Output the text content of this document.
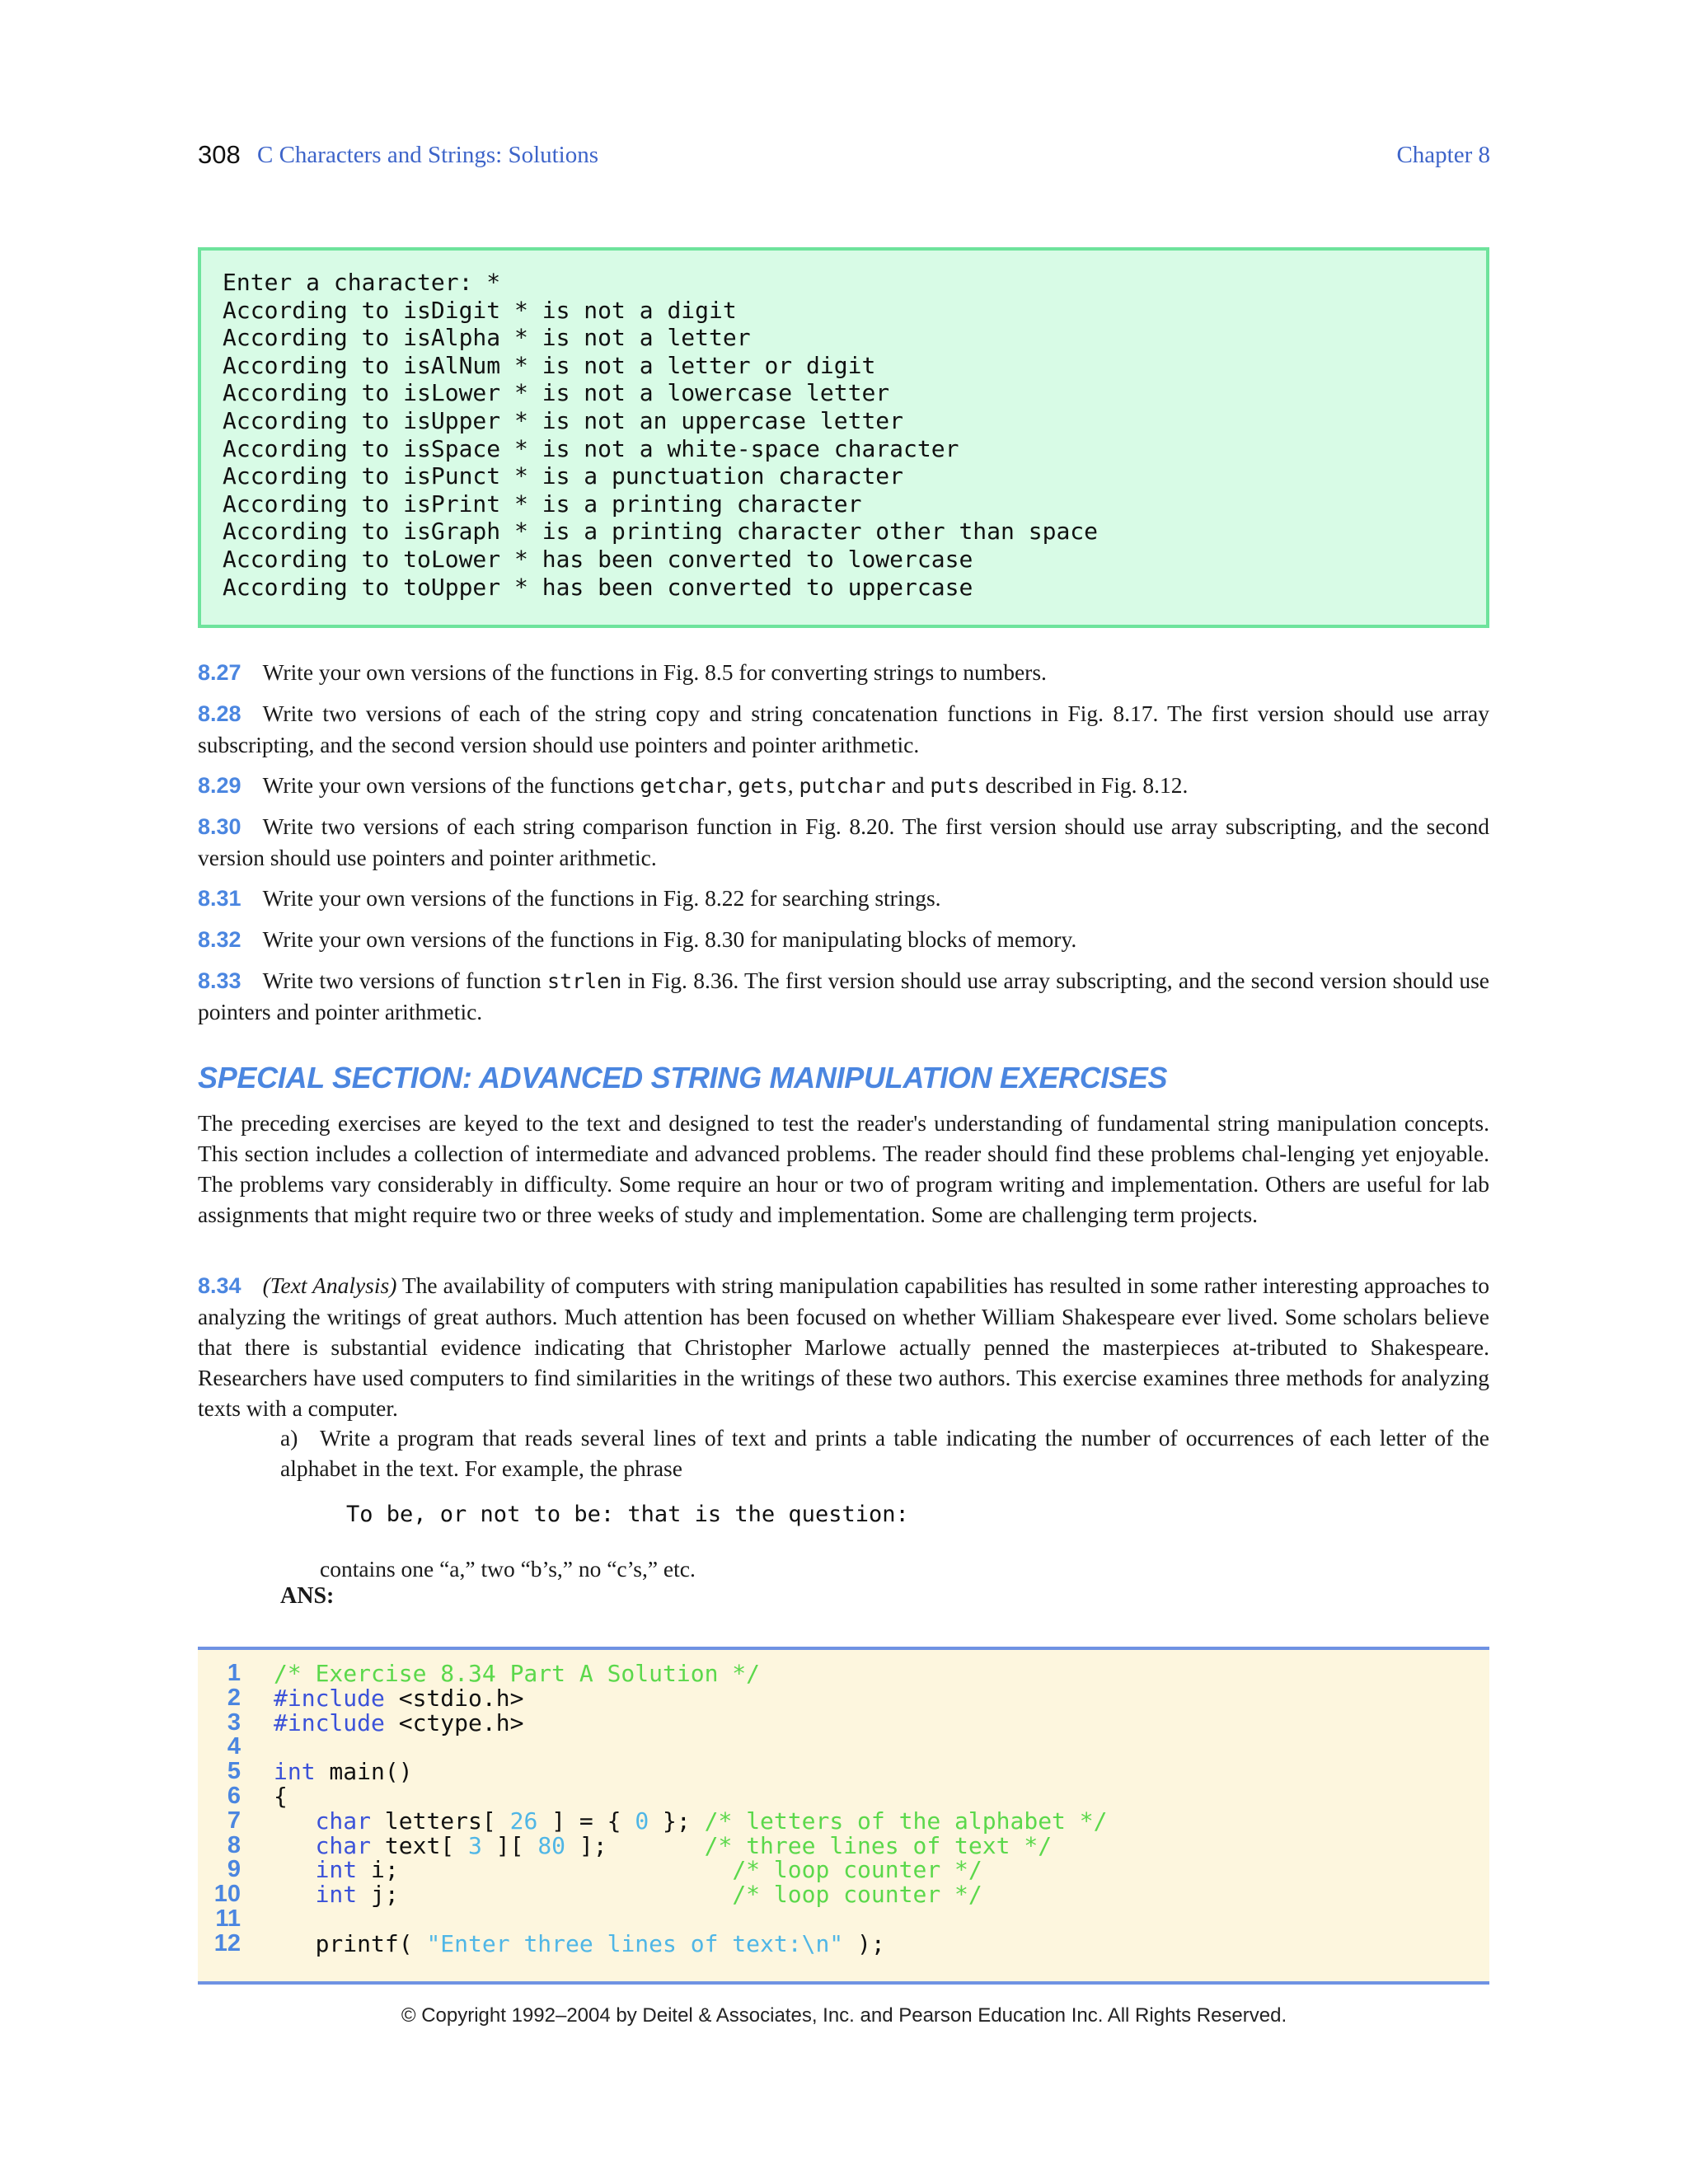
308 C Characters and Strings: Solutions	Chapter 8
Enter a character: *
According to isDigit * is not a digit
According to isAlpha * is not a letter
According to isAlNum * is not a letter or digit
According to isLower * is not a lowercase letter
According to isUpper * is not an uppercase letter
According to isSpace * is not a white-space character
According to isPunct * is a punctuation character
According to isPrint * is a printing character
According to isGraph * is a printing character other than space
According to toLower * has been converted to lowercase
According to toUpper * has been converted to uppercase
8.27 Write your own versions of the functions in Fig. 8.5 for converting strings to numbers.
8.28 Write two versions of each of the string copy and string concatenation functions in Fig. 8.17. The first version should use array subscripting, and the second version should use pointers and pointer arithmetic.
8.29 Write your own versions of the functions getchar, gets, putchar and puts described in Fig. 8.12.
8.30 Write two versions of each string comparison function in Fig. 8.20. The first version should use array subscripting, and the second version should use pointers and pointer arithmetic.
8.31 Write your own versions of the functions in Fig. 8.22 for searching strings.
8.32 Write your own versions of the functions in Fig. 8.30 for manipulating blocks of memory.
8.33 Write two versions of function strlen in Fig. 8.36. The first version should use array subscripting, and the second version should use pointers and pointer arithmetic.
SPECIAL SECTION: ADVANCED STRING MANIPULATION EXERCISES
The preceding exercises are keyed to the text and designed to test the reader's understanding of fundamental string manipulation concepts. This section includes a collection of intermediate and advanced problems. The reader should find these problems chal-lenging yet enjoyable. The problems vary considerably in difficulty. Some require an hour or two of program writing and implementation. Others are useful for lab assignments that might require two or three weeks of study and implementation. Some are challenging term projects.
8.34 (Text Analysis) The availability of computers with string manipulation capabilities has resulted in some rather interesting approaches to analyzing the writings of great authors. Much attention has been focused on whether William Shakespeare ever lived. Some scholars believe that there is substantial evidence indicating that Christopher Marlowe actually penned the masterpieces at-tributed to Shakespeare. Researchers have used computers to find similarities in the writings of these two authors. This exercise examines three methods for analyzing texts with a computer.
a) Write a program that reads several lines of text and prints a table indicating the number of occurrences of each letter of the alphabet in the text. For example, the phrase
To be, or not to be: that is the question:
contains one “a,” two “b’s,” no “c’s,” etc.
ANS:
1 /* Exercise 8.34 Part A Solution */
2 #include <stdio.h>
3 #include <ctype.h>
4
5 int main()
6 {
7	char letters[ 26 ] = { 0 }; /* letters of the alphabet */
8	char text[ 3 ][ 80 ];       /* three lines of text */
9	int i;                        /* loop counter */
10	int j;                        /* loop counter */
11
12 printf( "Enter three lines of text:\n" );
© Copyright 1992–2004 by Deitel & Associates, Inc. and Pearson Education Inc. All Rights Reserved.
